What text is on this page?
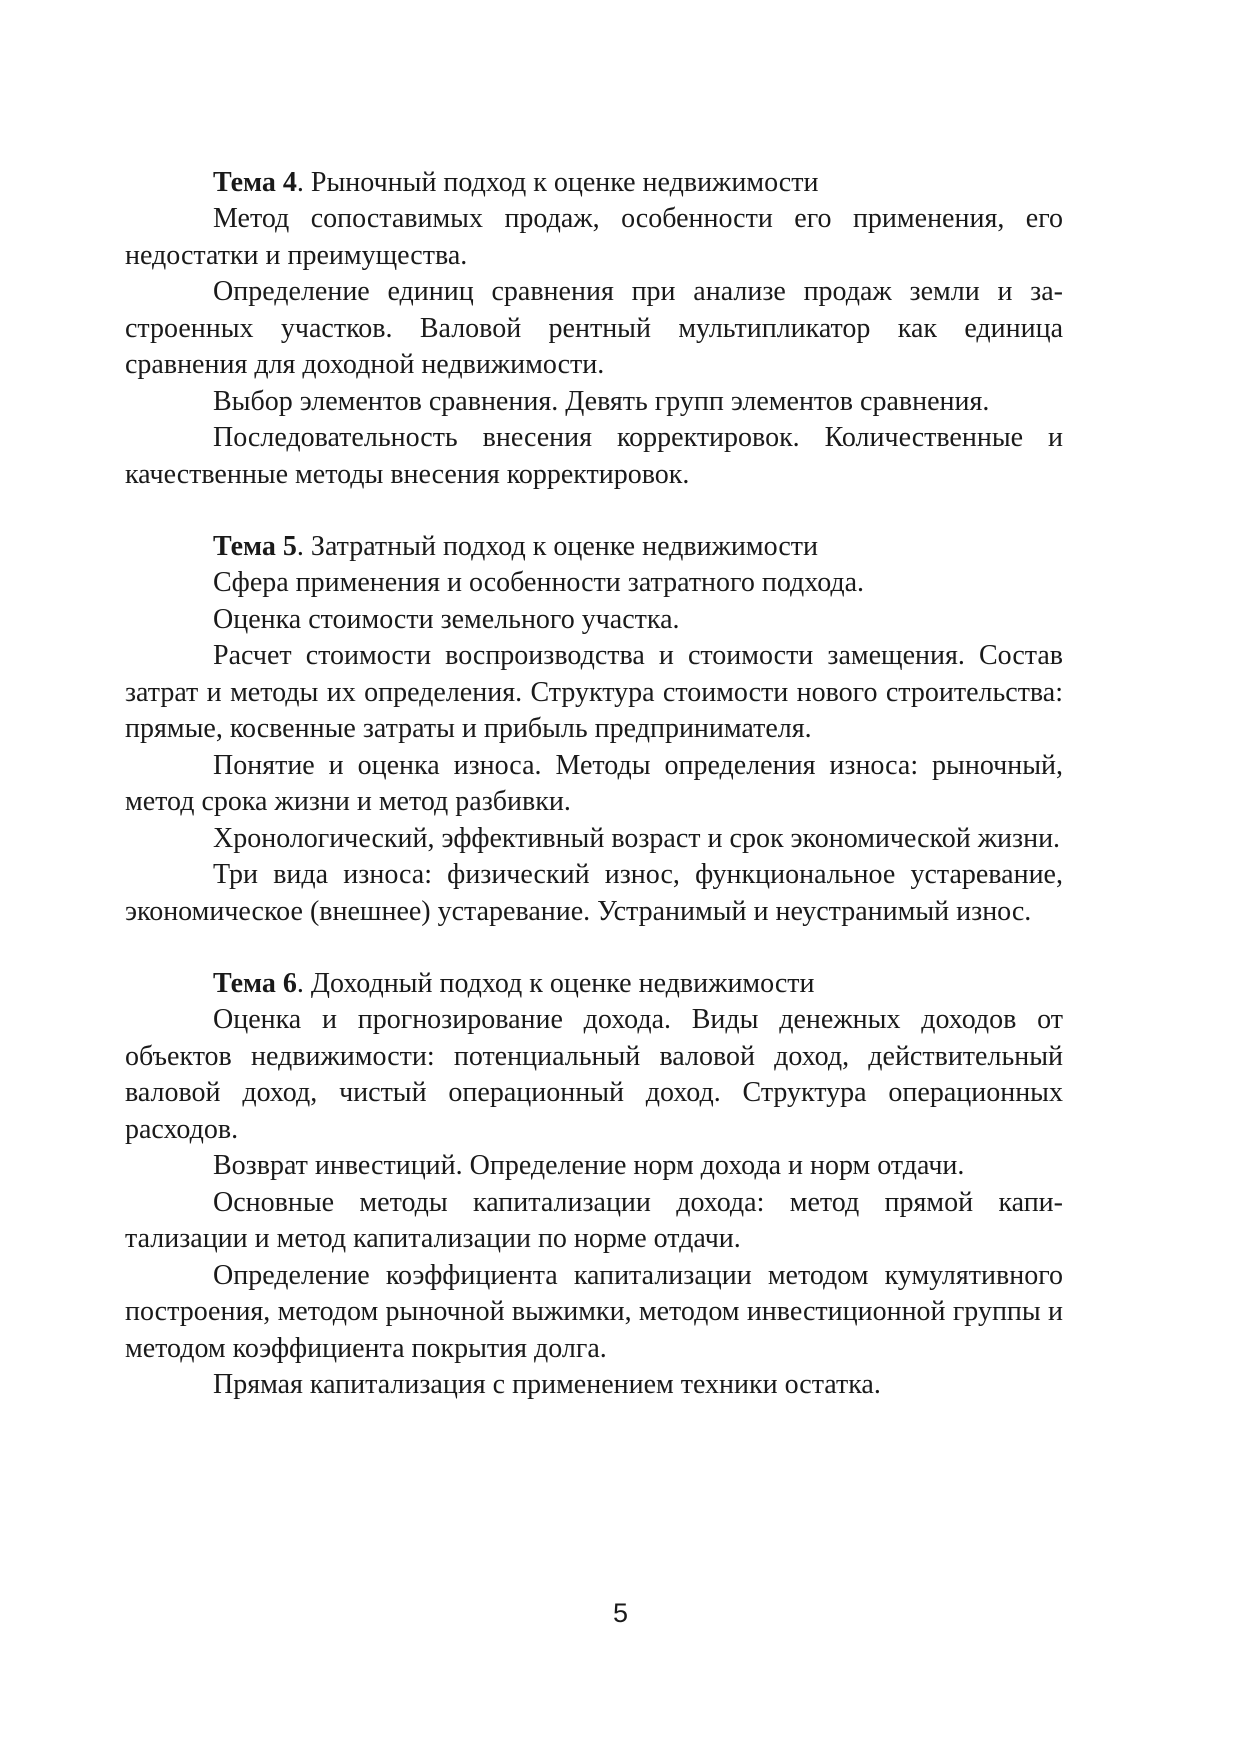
Тема 4. Рыночный подход к оценке недвижимости

Метод сопоставимых продаж, особенности его применения, его недостатки и преимущества.

Определение единиц сравнения при анализе продаж земли и застроенных участков. Валовой рентный мультипликатор как единица сравнения для доходной недвижимости.

Выбор элементов сравнения. Девять групп элементов сравнения.

Последовательность внесения корректировок. Количественные и качественные методы внесения корректировок.

Тема 5. Затратный подход к оценке недвижимости

Сфера применения и особенности затратного подхода.

Оценка стоимости земельного участка.

Расчет стоимости воспроизводства и стоимости замещения. Состав затрат и методы их определения. Структура стоимости нового строительства: прямые, косвенные затраты и прибыль предпринимателя.

Понятие и оценка износа. Методы определения износа: рыночный, метод срока жизни и метод разбивки.

Хронологический, эффективный возраст и срок экономической жизни.

Три вида износа: физический износ, функциональное устаревание, экономическое (внешнее) устаревание. Устранимый и неустранимый износ.

Тема 6. Доходный подход к оценке недвижимости

Оценка и прогнозирование дохода. Виды денежных доходов от объектов недвижимости: потенциальный валовой доход, действительный валовой доход, чистый операционный доход. Структура операционных расходов.

Возврат инвестиций. Определение норм дохода и норм отдачи.

Основные методы капитализации дохода: метод прямой капитализации и метод капитализации по норме отдачи.

Определение коэффициента капитализации методом кумулятивного построения, методом рыночной выжимки, методом инвестиционной группы и методом коэффициента покрытия долга.

Прямая капитализация с применением техники остатка.

5
